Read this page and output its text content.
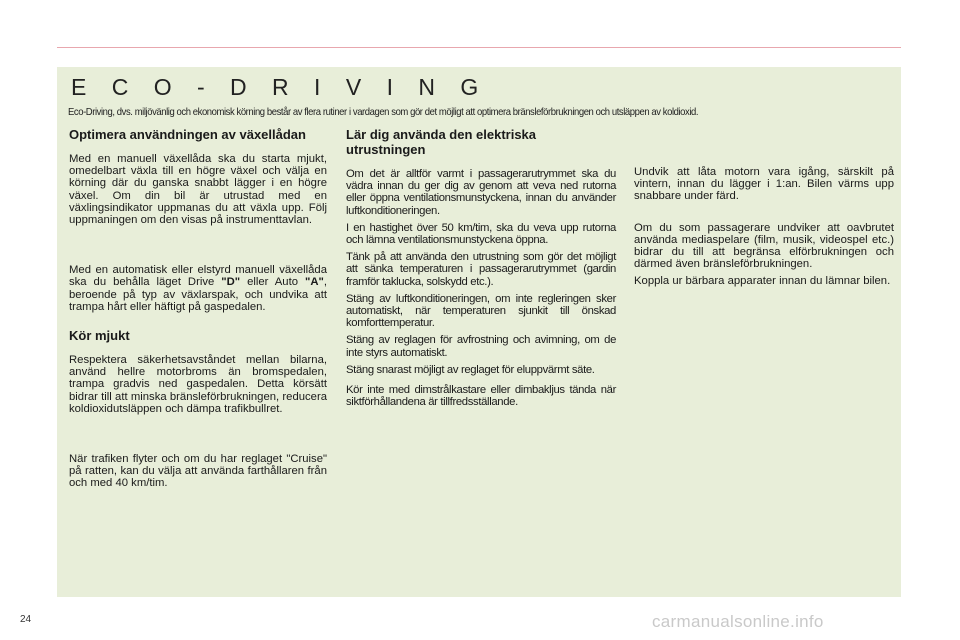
E C O - D R I V I N G
Eco-Driving, dvs. miljövänlig och ekonomisk körning består av flera rutiner i vardagen som gör det möjligt att optimera bränsleförbrukningen och utsläppen av koldioxid.
Optimera användningen av växellådan

Med en manuell växellåda ska du starta mjukt, omedelbart växla till en högre växel och välja en körning där du ganska snabbt lägger i en högre växel. Om din bil är utrustad med en växlingsindikator uppmanas du att växla upp. Följ uppmaningen om den visas på instrumenttavlan.

Med en automatisk eller elstyrd manuell växellåda ska du behålla läget Drive "D" eller Auto "A", beroende på typ av växlarspak, och undvika att trampa hårt eller häftigt på gaspedalen.

Kör mjukt

Respektera säkerhetsavståndet mellan bilarna, använd hellre motorbroms än bromspedalen, trampa gradvis ned gaspedalen. Detta körsätt bidrar till att minska bränsleförbrukningen, reducera koldioxidutsläppen och dämpa trafikbullret.

När trafiken flyter och om du har reglaget "Cruise" på ratten, kan du välja att använda farthållaren från och med 40 km/tim.

Lär dig använda den elektriska utrustningen

Om det är alltför varmt i passagerarutrymmet ska du vädra innan du ger dig av genom att veva ned rutorna eller öppna ventilationsmunstyckena, innan du använder luftkonditioneringen.

I en hastighet över 50 km/tim, ska du veva upp rutorna och lämna ventilationsmunstyckena öppna.

Tänk på att använda den utrustning som gör det möjligt att sänka temperaturen i passagerarutrymmet (gardin framför taklucka, solskydd etc.).

Stäng av luftkonditioneringen, om inte regleringen sker automatiskt, när temperaturen sjunkit till önskad komforttemperatur.

Stäng av reglagen för avfrostning och avimning, om de inte styrs automatiskt.

Stäng snarast möjligt av reglaget för eluppvärmt säte.

Kör inte med dimstrålkastare eller dimbakljus tända när siktförhållandena är tillfredsställande.

Undvik att låta motorn vara igång, särskilt på vintern, innan du lägger i 1:an. Bilen värms upp snabbare under färd.

Om du som passagerare undviker att oavbrutet använda mediaspelare (film, musik, videospel etc.) bidrar du till att begränsa elförbrukningen och därmed även bränsleförbrukningen.

Koppla ur bärbara apparater innan du lämnar bilen.

24	carmanualsonline.info
